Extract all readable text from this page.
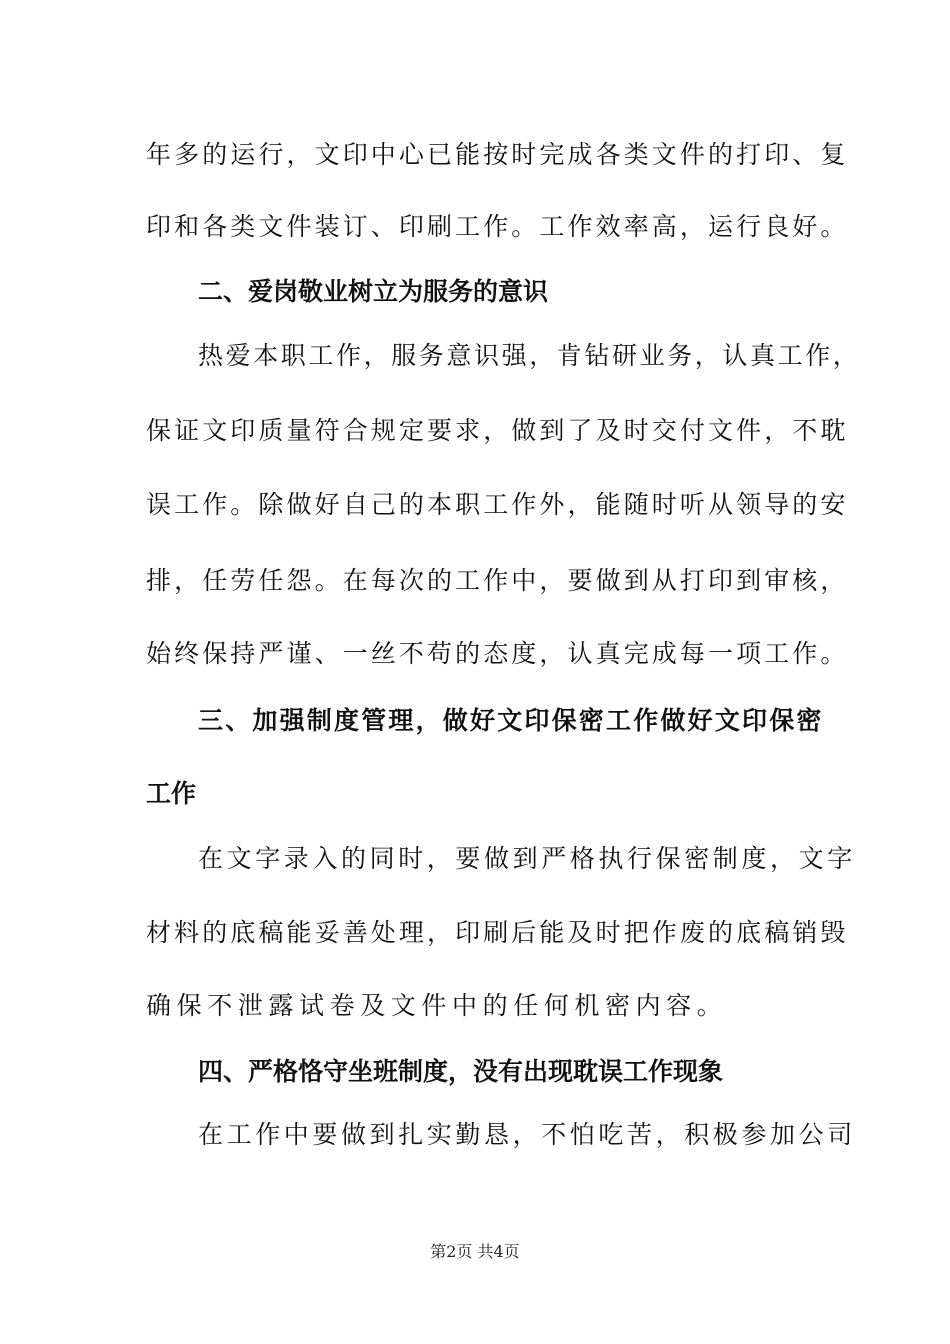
年多的运行，文印中心已能按时完成各类文件的打印、复
印和各类文件装订、印刷工作。工作效率高，运行良好。
二、爱岗敬业树立为服务的意识
热爱本职工作，服务意识强，肯钻研业务，认真工作，
保证文印质量符合规定要求，做到了及时交付文件，不耽
误工作。除做好自己的本职工作外，能随时听从领导的安
排，任劳任怨。在每次的工作中，要做到从打印到审核，
始终保持严谨、一丝不苟的态度，认真完成每一项工作。
三、加强制度管理，做好文印保密工作做好文印保密
工作
在文字录入的同时，要做到严格执行保密制度，文字
材料的底稿能妥善处理，印刷后能及时把作废的底稿销毁
确保不泄露试卷及文件中的任何机密内容。
四、严格恪守坐班制度，没有出现耽误工作现象
在工作中要做到扎实勤恳，不怕吃苦，积极参加公司
第2页 共4页
